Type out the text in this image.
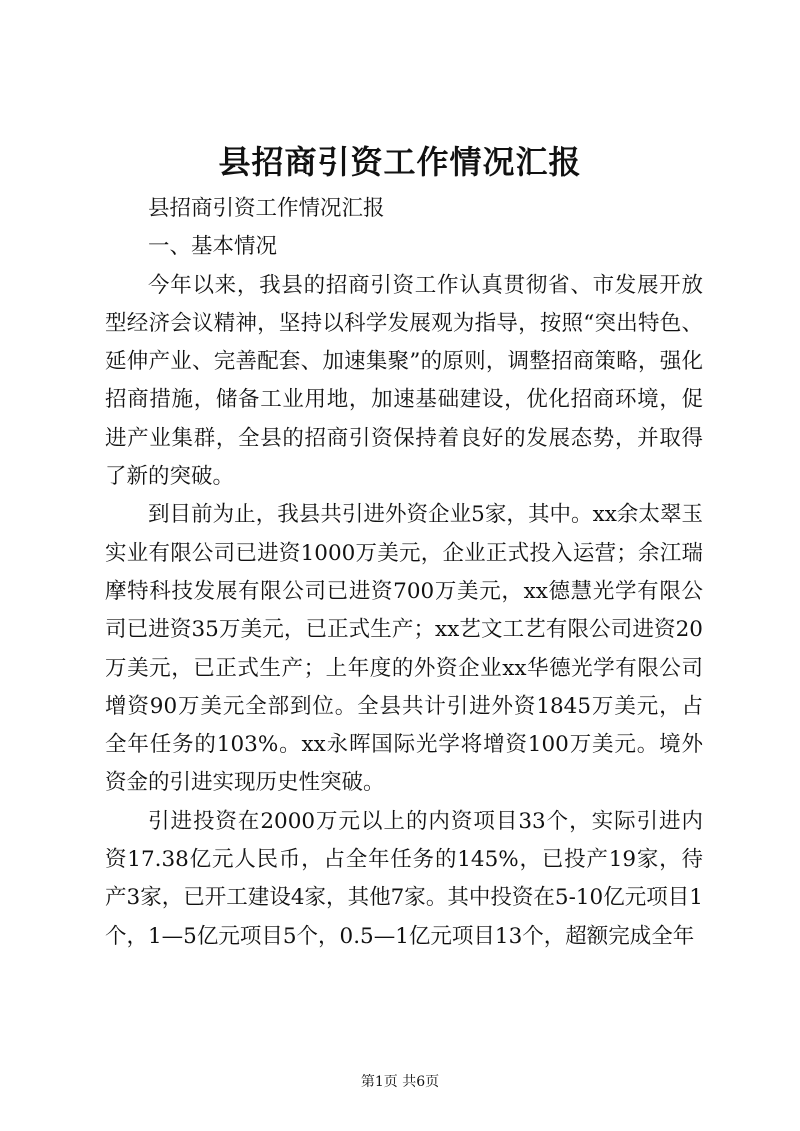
县招商引资工作情况汇报

县招商引资工作情况汇报

一、基本情况

今年以来，我县的招商引资工作认真贯彻省、市发展开放型经济会议精神，坚持以科学发展观为指导，按照“突出特色、延伸产业、完善配套、加速集聚”的原则，调整招商策略，强化招商措施，储备工业用地，加速基础建设，优化招商环境，促进产业集群，全县的招商引资保持着良好的发展态势，并取得了新的突破。

到目前为止，我县共引进外资企业5家，其中。xx余太翠玉实业有限公司已进资1000万美元，企业正式投入运营；余江瑞摩特科技发展有限公司已进资700万美元，xx德慧光学有限公司已进资35万美元，已正式生产；xx艺文工艺有限公司进资20万美元，已正式生产；上年度的外资企业xx华德光学有限公司增资90万美元全部到位。全县共计引进外资1845万美元，占全年任务的103%。xx永晖国际光学将增资100万美元。境外资金的引进实现历史性突破。

引进投资在2000万元以上的内资项目33个，实际引进内资17.38亿元人民币，占全年任务的145%，已投产19家，待产3家，已开工建设4家，其他7家。其中投资在5-10亿元项目1个，1—5亿元项目5个，0.5—1亿元项目13个，超额完成全年

第1页 共6页
